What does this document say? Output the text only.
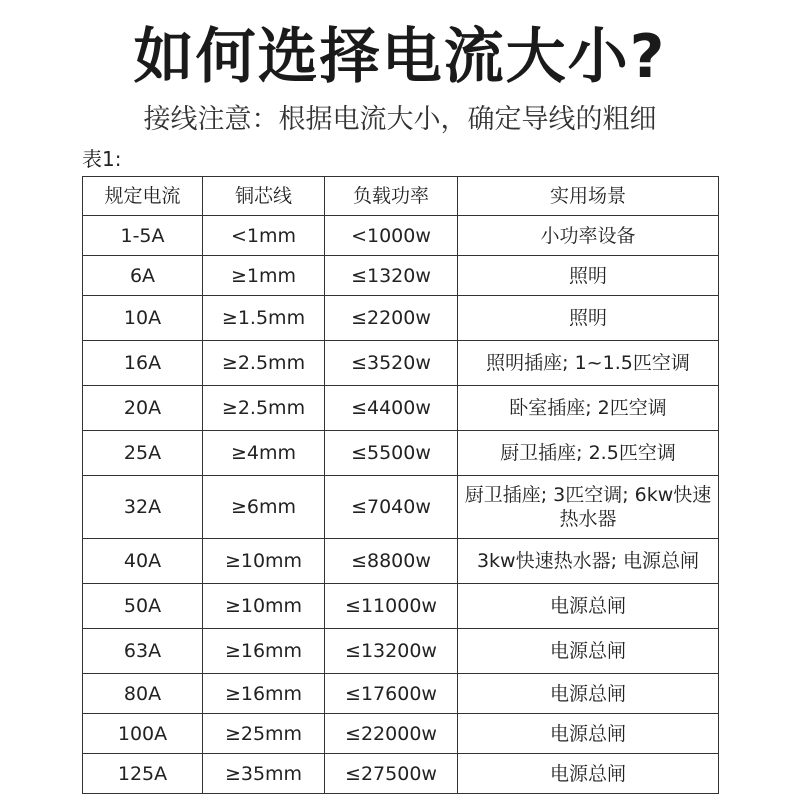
如何选择电流大小?
接线注意：根据电流大小，确定导线的粗细
表1:
规定电流	铜芯线	负载功率	实用场景
1-5A	<1mm	<1000w	小功率设备
6A	≥1mm	≤1320w	照明
10A	≥1.5mm	≤2200w	照明
16A	≥2.5mm	≤3520w	照明插座; 1~1.5匹空调
20A	≥2.5mm	≤4400w	卧室插座; 2匹空调
25A	≥4mm	≤5500w	厨卫插座; 2.5匹空调
32A	≥6mm	≤7040w	厨卫插座; 3匹空调; 6kw快速热水器
40A	≥10mm	≤8800w	3kw快速热水器; 电源总闸
50A	≥10mm	≤11000w	电源总闸
63A	≥16mm	≤13200w	电源总闸
80A	≥16mm	≤17600w	电源总闸
100A	≥25mm	≤22000w	电源总闸
125A	≥35mm	≤27500w	电源总闸
